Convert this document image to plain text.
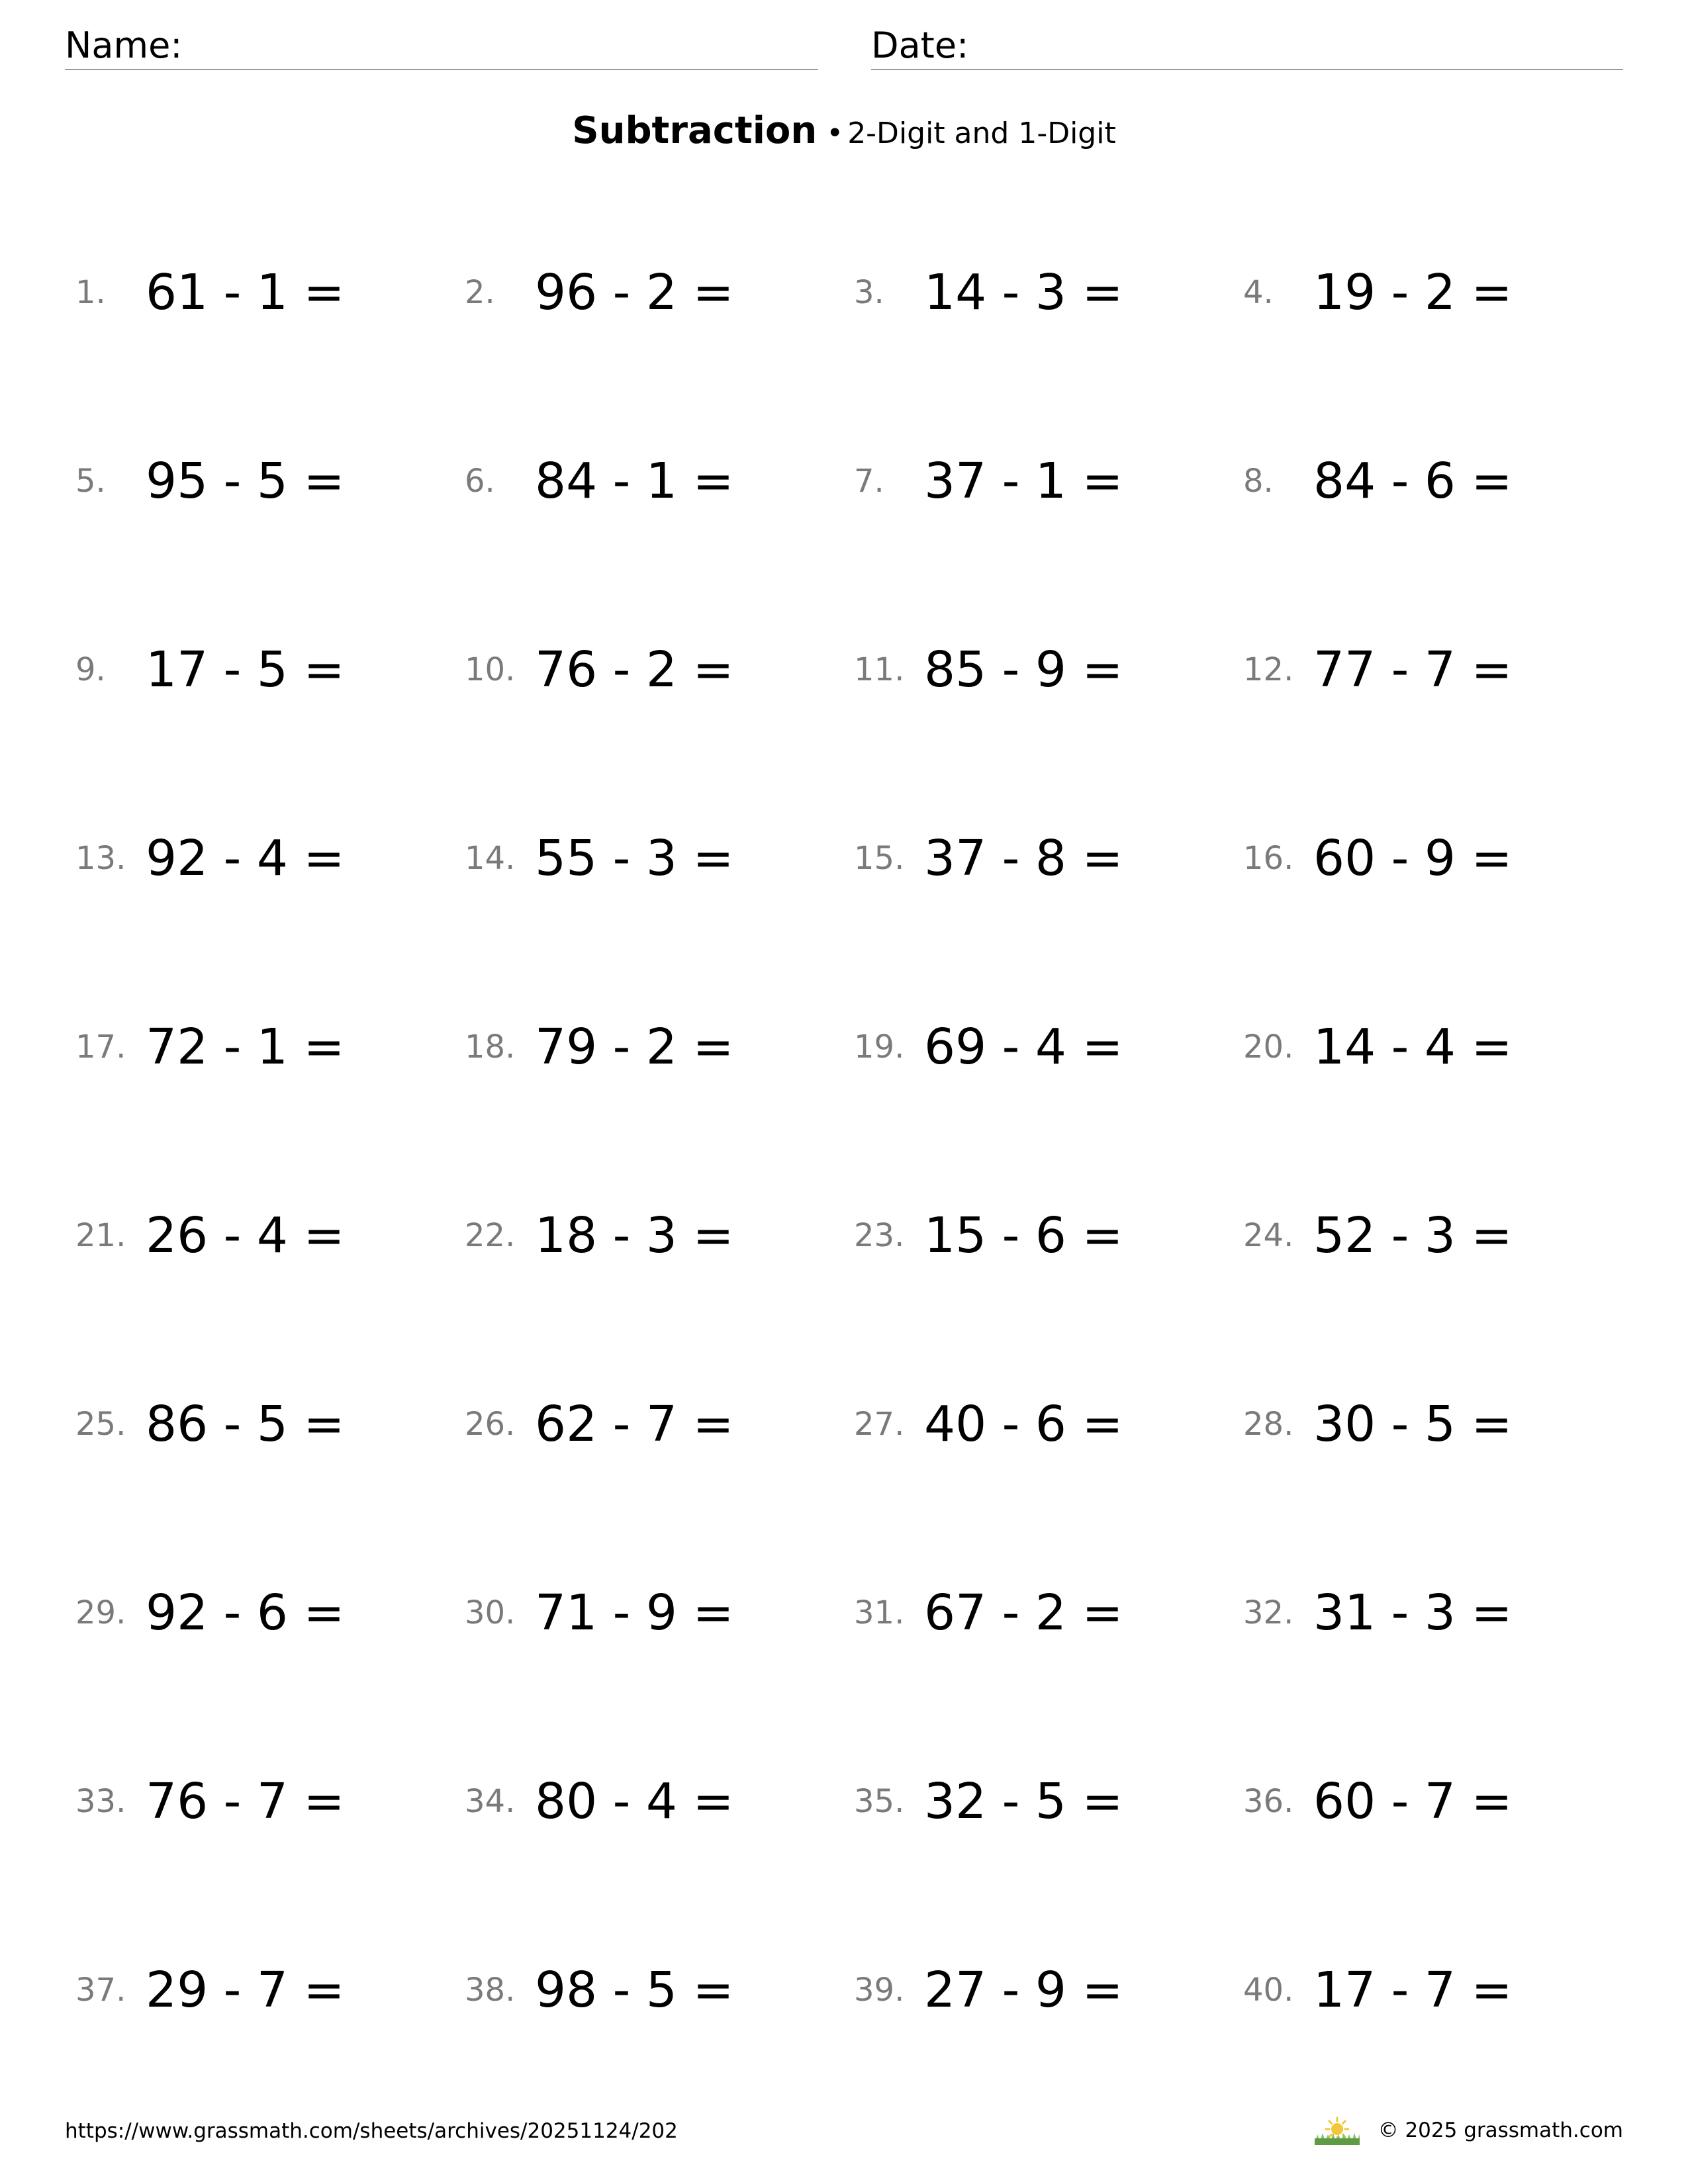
Name:	Date:
Subtraction • 2-Digit and 1-Digit
1. 61 - 1 =	2. 96 - 2 =	3. 14 - 3 =	4. 19 - 2 =
5. 95 - 5 =	6. 84 - 1 =	7. 37 - 1 =	8. 84 - 6 =
9. 17 - 5 =	10. 76 - 2 =	11. 85 - 9 =	12. 77 - 7 =
13. 92 - 4 =	14. 55 - 3 =	15. 37 - 8 =	16. 60 - 9 =
17. 72 - 1 =	18. 79 - 2 =	19. 69 - 4 =	20. 14 - 4 =
21. 26 - 4 =	22. 18 - 3 =	23. 15 - 6 =	24. 52 - 3 =
25. 86 - 5 =	26. 62 - 7 =	27. 40 - 6 =	28. 30 - 5 =
29. 92 - 6 =	30. 71 - 9 =	31. 67 - 2 =	32. 31 - 3 =
33. 76 - 7 =	34. 80 - 4 =	35. 32 - 5 =	36. 60 - 7 =
37. 29 - 7 =	38. 98 - 5 =	39. 27 - 9 =	40. 17 - 7 =
https://www.grassmath.com/sheets/archives/20251124/202	© 2025 grassmath.com
